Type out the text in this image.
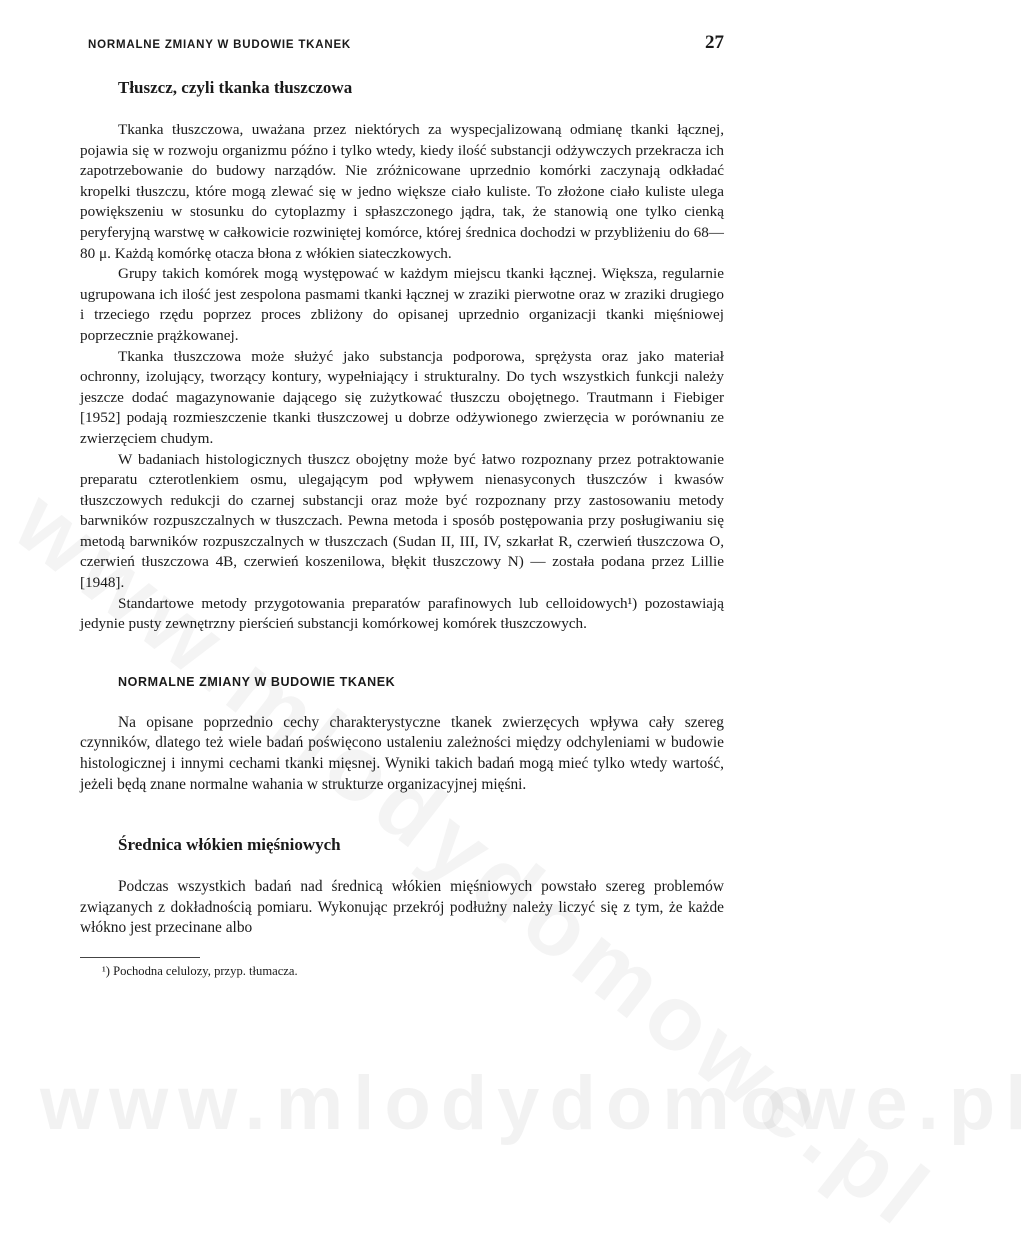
www.mlodydomowe.pl
NORMALNE ZMIANY W BUDOWIE TKANEK	27
Tłuszcz, czyli tkanka tłuszczowa

Tkanka tłuszczowa, uważana przez niektórych za wyspecjalizowaną odmianę tkanki łącznej, pojawia się w rozwoju organizmu późno i tylko wtedy, kiedy ilość substancji odżywczych przekracza ich zapotrzebowanie do budowy narządów. Nie zróżnicowane uprzednio komórki zaczynają odkładać kropelki tłuszczu, które mogą zlewać się w jedno większe ciało kuliste. To złożone ciało kuliste ulega powiększeniu w stosunku do cytoplazmy i spłaszczonego jądra, tak, że stanowią one tylko cienką peryferyjną warstwę w całkowicie rozwiniętej komórce, której średnica dochodzi w przybliżeniu do 68—80 μ. Każdą komórkę otacza błona z włókien siateczkowych.

Grupy takich komórek mogą występować w każdym miejscu tkanki łącznej. Większa, regularnie ugrupowana ich ilość jest zespolona pasmami tkanki łącznej w zraziki pierwotne oraz w zraziki drugiego i trzeciego rzędu poprzez proces zbliżony do opisanej uprzednio organizacji tkanki mięśniowej poprzecznie prążkowanej.

Tkanka tłuszczowa może służyć jako substancja podporowa, sprężysta oraz jako materiał ochronny, izolujący, tworzący kontury, wypełniający i strukturalny. Do tych wszystkich funkcji należy jeszcze dodać magazynowanie dającego się zużytkować tłuszczu obojętnego. Trautmann i Fiebiger [1952] podają rozmieszczenie tkanki tłuszczowej u dobrze odżywionego zwierzęcia w porównaniu ze zwierzęciem chudym.

W badaniach histologicznych tłuszcz obojętny może być łatwo rozpoznany przez potraktowanie preparatu czterotlenkiem osmu, ulegającym pod wpływem nienasyconych tłuszczów i kwasów tłuszczowych redukcji do czarnej substancji oraz może być rozpoznany przy zastosowaniu metody barwników rozpuszczalnych w tłuszczach. Pewna metoda i sposób postępowania przy posługiwaniu się metodą barwników rozpuszczalnych w tłuszczach (Sudan II, III, IV, szkarłat R, czerwień tłuszczowa O, czerwień tłuszczowa 4B, czerwień koszenilowa, błękit tłuszczowy N) — została podana przez Lillie [1948].

Standartowe metody przygotowania preparatów parafinowych lub celloidowych¹) pozostawiają jedynie pusty zewnętrzny pierścień substancji komórkowej komórek tłuszczowych.

NORMALNE ZMIANY W BUDOWIE TKANEK

Na opisane poprzednio cechy charakterystyczne tkanek zwierzęcych wpływa cały szereg czynników, dlatego też wiele badań poświęcono ustaleniu zależności między odchyleniami w budowie histologicznej i innymi cechami tkanki mięsnej. Wyniki takich badań mogą mieć tylko wtedy wartość, jeżeli będą znane normalne wahania w strukturze organizacyjnej mięśni.

Średnica włókien mięśniowych

Podczas wszystkich badań nad średnicą włókien mięśniowych powstało szereg problemów związanych z dokładnością pomiaru. Wykonując przekrój podłużny należy liczyć się z tym, że każde włókno jest przecinane albo

¹) Pochodna celulozy, przyp. tłumacza.
